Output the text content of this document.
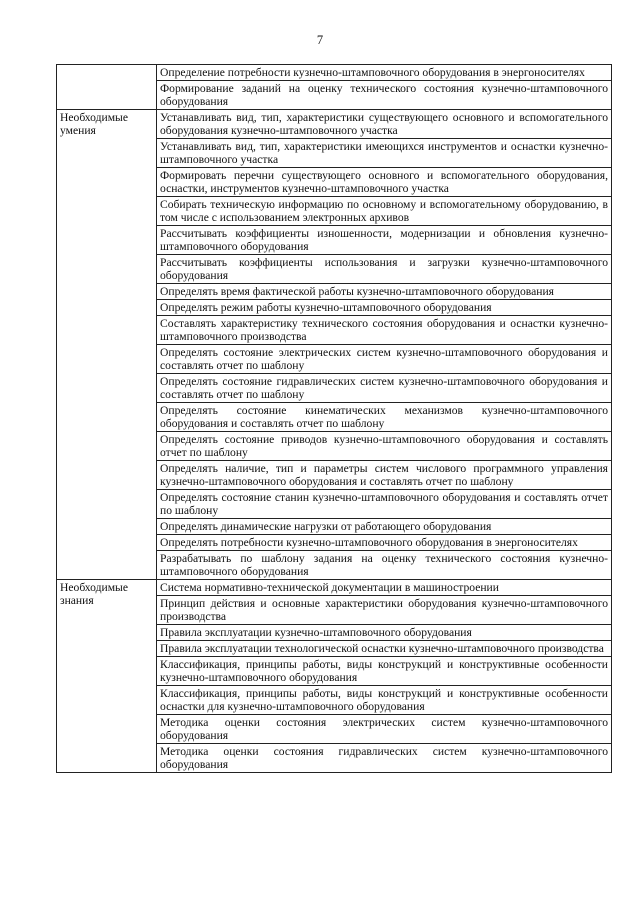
7
	Определение потребности кузнечно-штамповочного оборудования в энергоносителях
	Формирование заданий на оценку технического состояния кузнечно-штамповочного оборудования
Необходимые умения	Устанавливать вид, тип, характеристики существующего основного и вспомогательного оборудования кузнечно-штамповочного участка
	Устанавливать вид, тип, характеристики имеющихся инструментов и оснастки кузнечно-штамповочного участка
	Формировать перечни существующего основного и вспомогательного оборудования, оснастки, инструментов кузнечно-штамповочного участка
	Собирать техническую информацию по основному и вспомогательному оборудованию, в том числе с использованием электронных архивов
	Рассчитывать коэффициенты изношенности, модернизации и обновления кузнечно-штамповочного оборудования
	Рассчитывать коэффициенты использования и загрузки кузнечно-штамповочного оборудования
	Определять время фактической работы кузнечно-штамповочного оборудования
	Определять режим работы кузнечно-штамповочного оборудования
	Составлять характеристику технического состояния оборудования и оснастки кузнечно-штамповочного производства
	Определять состояние электрических систем кузнечно-штамповочного оборудования и составлять отчет по шаблону
	Определять состояние гидравлических систем кузнечно-штамповочного оборудования и составлять отчет по шаблону
	Определять состояние кинематических механизмов кузнечно-штамповочного оборудования и составлять отчет по шаблону
	Определять состояние приводов кузнечно-штамповочного оборудования и составлять отчет по шаблону
	Определять наличие, тип и параметры систем числового программного управления кузнечно-штамповочного оборудования и составлять отчет по шаблону
	Определять состояние станин кузнечно-штамповочного оборудования и составлять отчет по шаблону
	Определять динамические нагрузки от работающего оборудования
	Определять потребности кузнечно-штамповочного оборудования в энергоносителях
	Разрабатывать по шаблону задания на оценку технического состояния кузнечно-штамповочного оборудования
Необходимые знания	Система нормативно-технической документации в машиностроении
	Принцип действия и основные характеристики оборудования кузнечно-штамповочного производства
	Правила эксплуатации кузнечно-штамповочного оборудования
	Правила эксплуатации технологической оснастки кузнечно-штамповочного производства
	Классификация, принципы работы, виды конструкций и конструктивные особенности кузнечно-штамповочного оборудования
	Классификация, принципы работы, виды конструкций и конструктивные особенности оснастки для кузнечно-штамповочного оборудования
	Методика оценки состояния электрических систем кузнечно-штамповочного оборудования
	Методика оценки состояния гидравлических систем кузнечно-штамповочного оборудования
